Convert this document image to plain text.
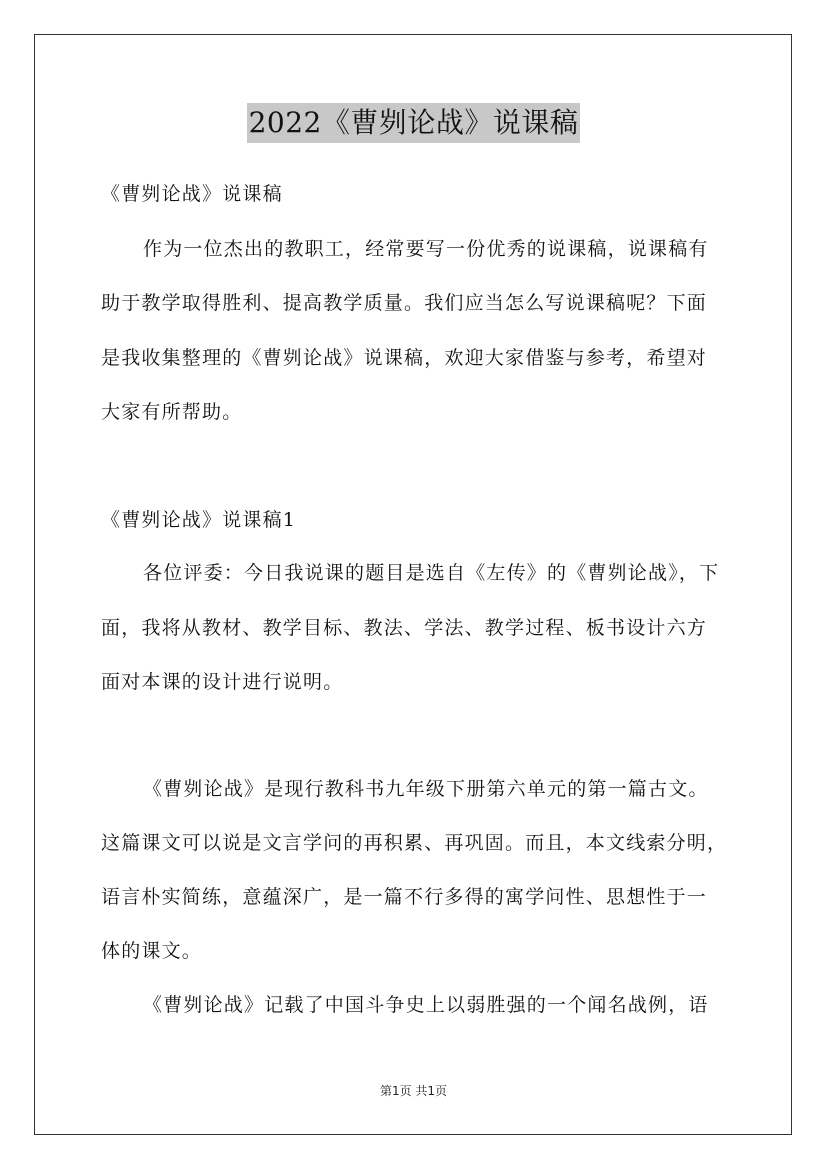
2022《曹刿论战》说课稿
《曹刿论战》说课稿
作为一位杰出的教职工，经常要写一份优秀的说课稿，说课稿有
助于教学取得胜利、提高教学质量。我们应当怎么写说课稿呢？下面
是我收集整理的《曹刿论战》说课稿，欢迎大家借鉴与参考，希望对
大家有所帮助。
《曹刿论战》说课稿1
各位评委：今日我说课的题目是选自《左传》的《曹刿论战》，下
面，我将从教材、教学目标、教法、学法、教学过程、板书设计六方
面对本课的设计进行说明。
《曹刿论战》是现行教科书九年级下册第六单元的第一篇古文。
这篇课文可以说是文言学问的再积累、再巩固。而且，本文线索分明，
语言朴实简练，意蕴深广，是一篇不行多得的寓学问性、思想性于一
体的课文。
《曹刿论战》记载了中国斗争史上以弱胜强的一个闻名战例，语
第1页 共1页
